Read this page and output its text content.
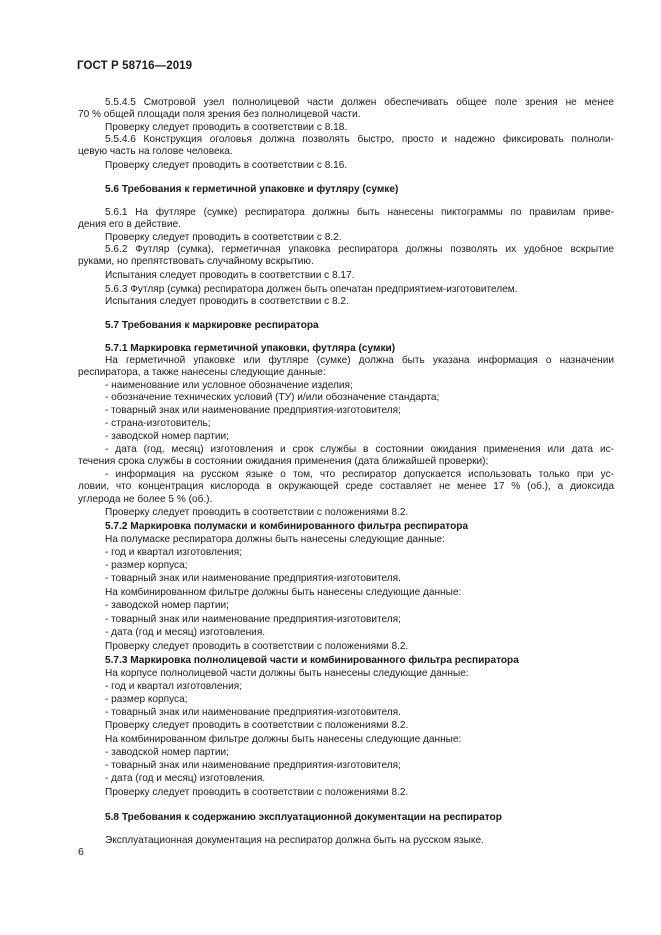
ГОСТ Р 58716—2019
5.5.4.5 Смотровой узел полнолицевой части должен обеспечивать общее поле зрения не менее
70 % общей площади поля зрения без полнолицевой части.
Проверку следует проводить в соответствии с 8.18.
5.5.4.6 Конструкция оголовья должна позволять быстро, просто и надежно фиксировать полноли-
цевую часть на голове человека.
Проверку следует проводить в соответствии с 8.16.
5.6 Требования к герметичной упаковке и футляру (сумке)
5.6.1 На футляре (сумке) респиратора должны быть нанесены пиктограммы по правилам приве-
дения его в действие.
Проверку следует проводить в соответствии с 8.2.
5.6.2 Футляр (сумка), герметичная упаковка респиратора должны позволять их удобное вскрытие
руками, но препятствовать случайному вскрытию.
Испытания следует проводить в соответствии с 8.17.
5.6.3 Футляр (сумка) респиратора должен быть опечатан предприятием-изготовителем.
Испытания следует проводить в соответствии с 8.2.
5.7 Требования к маркировке респиратора
5.7.1 Маркировка герметичной упаковки, футляра (сумки)
На герметичной упаковке или футляре (сумке) должна быть указана информация о назначении
респиратора, а также нанесены следующие данные:
- наименование или условное обозначение изделия;
- обозначение технических условий (ТУ) и/или обозначение стандарта;
- товарный знак или наименование предприятия-изготовителя;
- страна-изготовитель;
- заводской номер партии;
- дата (год, месяц) изготовления и срок службы в состоянии ожидания применения или дата ис-
течения срока службы в состоянии ожидания применения (дата ближайшей проверки);
- информация на русском языке о том, что респиратор допускается использовать только при ус-
ловии, что концентрация кислорода в окружающей среде составляет не менее 17 % (об.), а диоксида
углерода не более 5 % (об.).
Проверку следует проводить в соответствии с положениями 8.2.
5.7.2 Маркировка полумаски и комбинированного фильтра респиратора
На полумаске респиратора должны быть нанесены следующие данные:
- год и квартал изготовления;
- размер корпуса;
- товарный знак или наименование предприятия-изготовителя.
На комбинированном фильтре должны быть нанесены следующие данные:
- заводской номер партии;
- товарный знак или наименование предприятия-изготовителя;
- дата (год и месяц) изготовления.
Проверку следует проводить в соответствии с положениями 8.2.
5.7.3 Маркировка полнолицевой части и комбинированного фильтра респиратора
На корпусе полнолицевой части должны быть нанесены следующие данные:
- год и квартал изготовления;
- размер корпуса;
- товарный знак или наименование предприятия-изготовителя.
Проверку следует проводить в соответствии с положениями 8.2.
На комбинированном фильтре должны быть нанесены следующие данные:
- заводской номер партии;
- товарный знак или наименование предприятия-изготовителя;
- дата (год и месяц) изготовления.
Проверку следует проводить в соответствии с положениями 8.2.
5.8 Требования к содержанию эксплуатационной документации на респиратор
Эксплуатационная документация на респиратор должна быть на русском языке.
6
